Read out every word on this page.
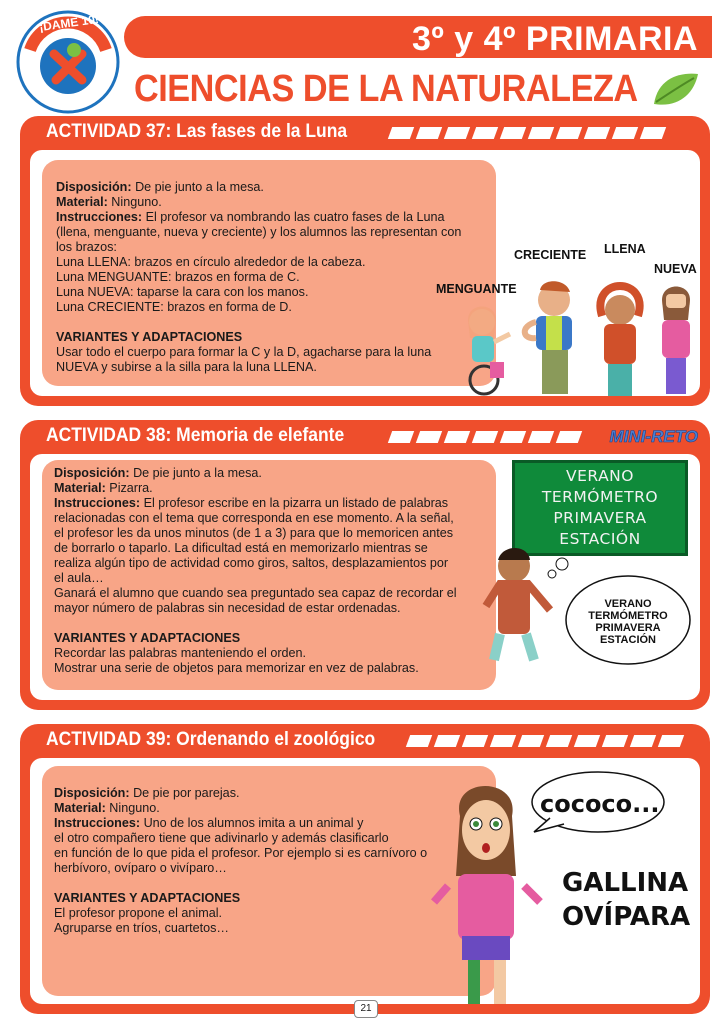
¡DAME 10!	3º y 4º PRIMARIA
CIENCIAS DE LA NATURALEZA
ACTIVIDAD 37: Las fases de la Luna

Disposición: De pie junto a la mesa.

Material: Ninguno.

Instrucciones: El profesor va nombrando las cuatro fases de la Luna

(llena, menguante, nueva y creciente) y los alumnos las representan con

los brazos:

Luna LLENA: brazos en círculo alrededor de la cabeza.

Luna MENGUANTE: brazos en forma de C.

Luna NUEVA: taparse la cara con los manos.

Luna CRECIENTE: brazos en forma de D.

VARIANTES Y ADAPTACIONES

Usar todo el cuerpo para formar la C y la D, agacharse para la luna

NUEVA y subirse a la silla para la luna LLENA.

MENGUANTE
CRECIENTE LLENA
NUEVA
ACTIVIDAD 38: Memoria de elefante	MINI-RETO

Disposición: De pie junto a la mesa.

Material: Pizarra.

Instrucciones: El profesor escribe en la pizarra un listado de palabras

relacionadas con el tema que corresponda en ese momento. A la señal,

el profesor les da unos minutos (de 1 a 3) para que lo memoricen antes

de borrarlo o taparlo. La dificultad está en memorizarlo mientras se

realiza algún tipo de actividad como giros, saltos, desplazamientos por

el aula…

Ganará el alumno que cuando sea preguntado sea capaz de recordar el

mayor número de palabras sin necesidad de estar ordenadas.

VARIANTES Y ADAPTACIONES

Recordar las palabras manteniendo el orden.

Mostrar una serie de objetos para memorizar en vez de palabras.

VERANO
TERMÓMETRO
PRIMAVERA
ESTACIÓN
VERANO
TERMÓMETRO
PRIMAVERA
ESTACIÓN
ACTIVIDAD 39: Ordenando el zoológico

Disposición: De pie por parejas.

Material: Ninguno.

Instrucciones: Uno de los alumnos imita a un animal y

el otro compañero tiene que adivinarlo y además clasificarlo

en función de lo que pida el profesor. Por ejemplo si es carnívoro o

herbívoro, ovíparo o vivíparo…

VARIANTES Y ADAPTACIONES

El profesor propone el animal.

Agruparse en tríos, cuartetos…

cococo...
GALLINA
OVÍPARA
21
